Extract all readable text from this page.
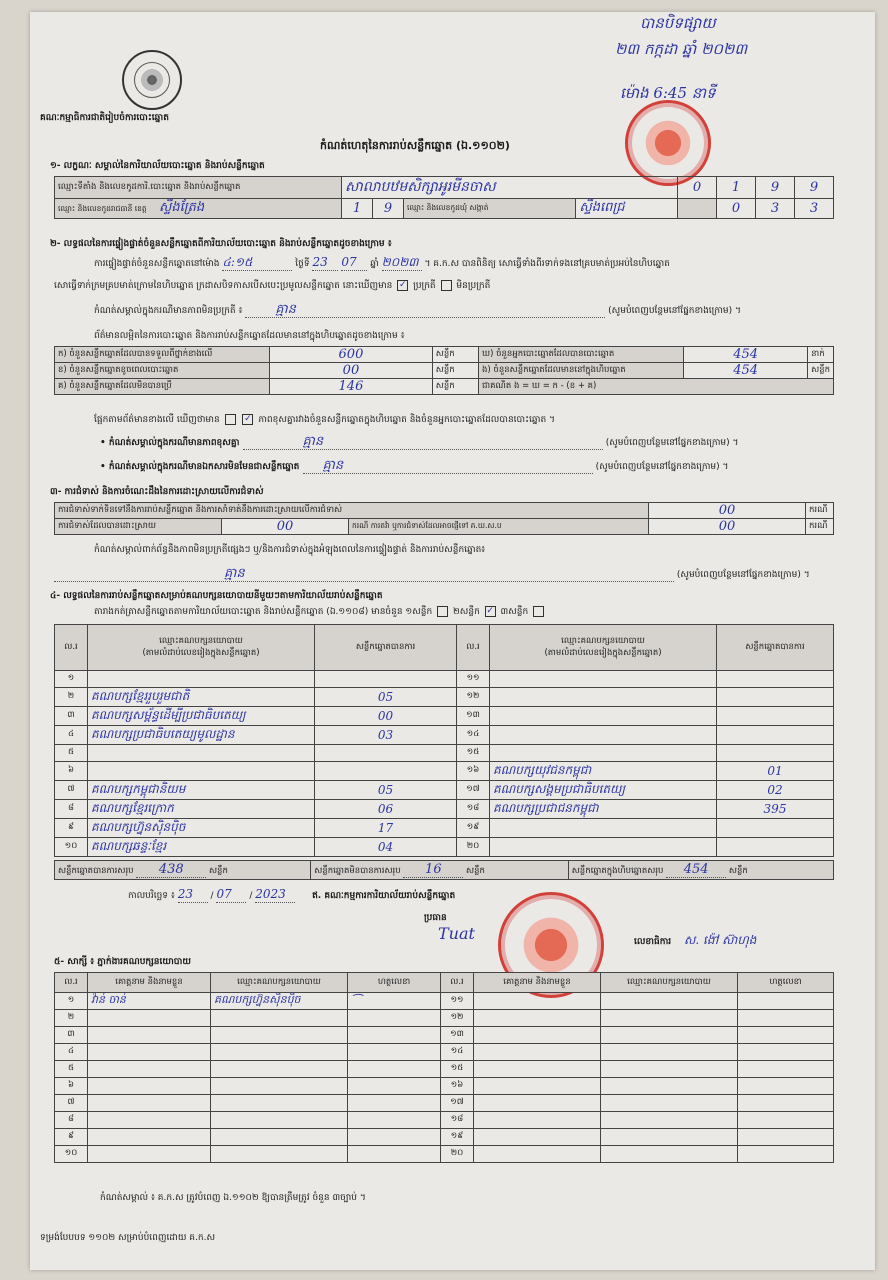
បានបិទផ្សាយ
២៣ កក្កដា ឆ្នាំ ២០២៣
ម៉ោង 6:45 នាទី
គណៈកម្មាធិការជាតិរៀបចំការបោះឆ្នោត
កំណត់ហេតុនៃការរាប់សន្លឹកឆ្នោត (ឯ.១១០២)
១- លក្ខណៈ សម្គាល់នៃការិយាល័យបោះឆ្នោត និងរាប់សន្លឹកឆ្នោត
ឈ្មោះទីតាំង និងលេខកូដការិ.បោះឆ្នោត និងរាប់សន្លឹកឆ្នោត	សាលាបឋមសិក្សាអូរមីនចាស				0	1	9	9
ឈ្មោះ និងលេខកូដរាជធានី ខេត្ត ស្ទឹងត្រែង	1	9	ឈ្មោះ និងលេខកូដឃុំ សង្កាត់	ស្ទឹងពេជ្រ		0	3	3
២- លទ្ធផលនៃការផ្ទៀងផ្ទាត់ចំនួនសន្លឹកឆ្នោតពីការិយាល័យបោះឆ្នោត និងរាប់សន្លឹកឆ្នោតដូចខាងក្រោម ៖
ការផ្ទៀងផ្ទាត់ចំនួនសន្លឹកឆ្នោតនៅម៉ោង ៤:១៥	ថ្ងៃទី 23 07 ឆ្នាំ ២០២៣ ។ គ.ក.ស បានពិនិត្យ សោធ្វើទាំងពីរទាក់ទងនៅគ្របមាត់ប្រអប់នៃហិបឆ្នោត
សោធ្វើទាក់ក្រមគ្របមាត់ក្រោមនៃហិបឆ្នោត ក្រដាសបិទកាសបើសបេះប្រមូលសន្លឹកឆ្នោត នោះឃើញមាន ✓ ប្រក្រតី មិនប្រក្រតី
កំណត់សម្គាល់ក្នុងករណីមានភាពមិនប្រក្រតី ៖	គ្មាន	(សូមបំពេញបន្ថែមនៅផ្នែកខាងក្រោម) ។
ព័ត៌មានលម្អិតនៃការបោះឆ្នោត និងការរាប់សន្លឹកឆ្នោតដែលមាននៅក្នុងហិបឆ្នោតដូចខាងក្រោម ៖
ក) ចំនួនសន្លឹកឆ្នោតដែលបានទទួលពីថ្នាក់ខាងលើ	600	សន្លឹក	ឃ) ចំនួនអ្នកបោះឆ្នោតដែលបានបោះឆ្នោត	454	នាក់
ខ) ចំនួនសន្លឹកឆ្នោតខូចពេលបោះឆ្នោត	00	សន្លឹក	ង) ចំនួនសន្លឹកឆ្នោតដែលមាននៅក្នុងហិបឆ្នោត	454	សន្លឹក
គ) ចំនួនសន្លឹកឆ្នោតដែលមិនបានប្រើ	146	សន្លឹក	ជាគណិត ង = ឃ = ក - (ខ + គ)		
ផ្អែកតាមព័ត៌មានខាងលើ ឃើញថាមាន	✓ ភាពខុសគ្នារវាងចំនួនសន្លឹកឆ្នោតក្នុងហិបឆ្នោត និងចំនួនអ្នកបោះឆ្នោតដែលបានបោះឆ្នោត ។
• កំណត់សម្គាល់ក្នុងករណីមានភាពខុសគ្នា	គ្មាន	(សូមបំពេញបន្ថែមនៅផ្នែកខាងក្រោម) ។
• កំណត់សម្គាល់ក្នុងករណីមានឯកសារមិនមែនជាសន្លឹកឆ្នោត គ្មាន	(សូមបំពេញបន្ថែមនៅផ្នែកខាងក្រោម) ។
៣- ការជំទាស់ និងការចំណេះដឹងនៃការដោះស្រាយលើការជំទាស់
ការជំទាស់ទាក់ទិនទៅនឹងការរាប់សន្លឹកឆ្នោត និងការសាំទាត់នឹងការដោះស្រាយលើការជំទាស់			00	ករណី
ការជំទាស់ដែលបានដោះស្រាយ	00	ករណី ការតវ៉ា ឬការជំទាស់ដែលអាចផ្ញើទៅ គ.ឃ.ស.ប	00	ករណី
កំណត់សម្គាល់ពាក់ព័ន្ធនឹងភាពមិនប្រក្រតីផ្សេងៗ ឬ/និងការជំទាស់ក្នុងអំឡុងពេលនៃការផ្ទៀងផ្ទាត់ និងការរាប់សន្លឹកឆ្នោត៖
គ្មាន	(សូមបំពេញបន្ថែមនៅផ្នែកខាងក្រោម) ។
៤- លទ្ធផលនៃការរាប់សន្លឹកឆ្នោតសម្រាប់គណបក្សនយោបាយនីមួយៗតាមការិយាល័យរាប់សន្លឹកឆ្នោត
តារាងកត់ត្រាសន្លឹកឆ្នោតតាមការិយាល័យបោះឆ្នោត និងរាប់សន្លឹកឆ្នោត (ឯ.១១០៨) មានចំនួន ១សន្លឹក ២សន្លឹក ✓ ៣សន្លឹក
ល.រ	ឈ្មោះគណបក្សនយោបាយ
(តាមលំដាប់លេខរៀងក្នុងសន្លឹកឆ្នោត)	សន្លឹកឆ្នោតបានការ	ល.រ	ឈ្មោះគណបក្សនយោបាយ
(តាមលំដាប់លេខរៀងក្នុងសន្លឹកឆ្នោត)	សន្លឹកឆ្នោតបានការ
១			១១		
២	គណបក្សខ្មែររួបរួមជាតិ	05	១២		
៣	គណបក្សសម្ព័ន្ធដើម្បីប្រជាធិបតេយ្យ	00	១៣		
៤	គណបក្សប្រជាធិបតេយ្យមូលដ្ឋាន	03	១៤		
៥			១៥		
៦			១៦	គណបក្សយុវជនកម្ពុជា	01
៧	គណបក្សកម្ពុជានិយម	05	១៧	គណបក្សសង្គមប្រជាធិបតេយ្យ	02
៨	គណបក្សខ្មែរក្រោក	06	១៨	គណបក្សប្រជាជនកម្ពុជា	395
៩	គណបក្សហ្វ៊ុនស៊ិនប៉ិច	17	១៩		
១០	គណបក្សឆន្ទៈខ្មែរ	04	២០		
សន្លឹកឆ្នោតបានការសរុប 438	សន្លឹក	សន្លឹកឆ្នោតមិនបានការសរុប 16	សន្លឹក	សន្លឹកឆ្នោតក្នុងហិបឆ្នោតសរុប 454 សន្លឹក
កាលបរិច្ឆេទ ៖ 23 / 07 / 2023	ឥ. គណៈកម្មការការិយាល័យរាប់សន្លឹកឆ្នោត
ប្រធាន
Tuat	លេខាធិការ ស. ង៉ៅ ស៊ាហុង
៥- សាក្សី ៖ ភ្នាក់ងារគណបក្សនយោបាយ
ល.រ	គោត្តនាម និងនាមខ្លួន	ឈ្មោះគណបក្សនយោបាយ	ហត្ថលេខា	ល.រ	គោត្តនាម និងនាមខ្លួន	ឈ្មោះគណបក្សនយោបាយ	ហត្ថលេខា
១	វ៉ាន់ ចាន់	គណបក្សហ្វ៊ុនស៊ិនប៉ិច	⁀	១១			
២				១២			
៣				១៣			
៤				១៤			
៥				១៥			
៦				១៦			
៧				១៧			
៨				១៨			
៩				១៩			
១០				២០			
កំណត់សម្គាល់ ៖ គ.ក.ស ត្រូវបំពេញ ឯ.១១០២ ឱ្យបានត្រឹមត្រូវ ចំនួន ៣ច្បាប់ ។
ទម្រង់បែបបទ ១១០២ សម្រាប់បំពេញដោយ គ.ក.ស
